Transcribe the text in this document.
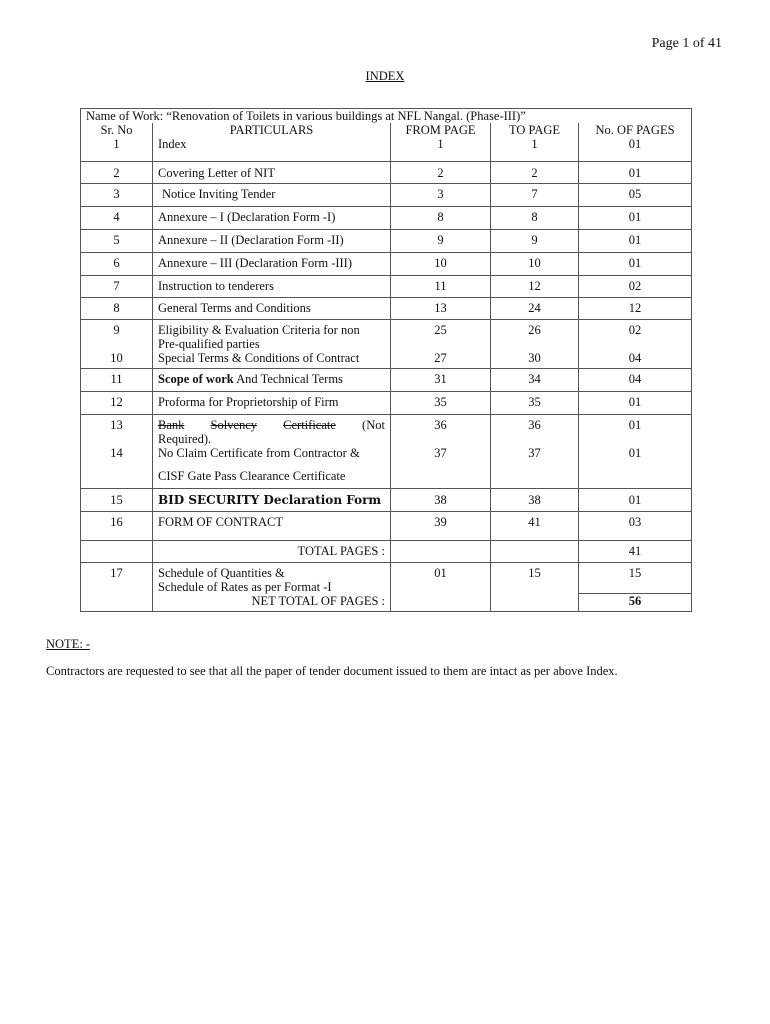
Page 1 of 41
INDEX
Name of Work: “Renovation of Toilets in various buildings at NFL Nangal. (Phase-III)”				
Sr. No	PARTICULARS	FROM PAGE	TO PAGE	No. OF PAGES
1	Index	1	1	01
2	Covering Letter of NIT	2	2	01
3	Notice Inviting Tender	3	7	05
4	Annexure – I (Declaration Form -I)	8	8	01
5	Annexure – II (Declaration Form -II)	9	9	01
6	Annexure – III (Declaration Form -III)	10	10	01
7	Instruction to tenderers	11	12	02
8	General Terms and Conditions	13	24	12
9	Eligibility & Evaluation Criteria for non
Pre-qualified parties	25	26	02
10	Special Terms & Conditions of Contract	27	30	04
11	Scope of work And Technical Terms	31	34	04
12	Proforma for Proprietorship of Firm	35	35	01
13	Bank Solvency Certificate (Not
Required).	36	36	01
14	No Claim Certificate from Contractor &
CISF Gate Pass Clearance Certificate	37	37	01
15	BID SECURITY Declaration Form	38	38	01
16	FORM OF CONTRACT	39	41	03
	TOTAL PAGES :			41
17	Schedule of Quantities &
Schedule of Rates as per Format -I	01	15	15
	NET TOTAL OF PAGES :			56
NOTE: -
Contractors are requested to see that all the paper of tender document issued to them are intact as per above Index.
